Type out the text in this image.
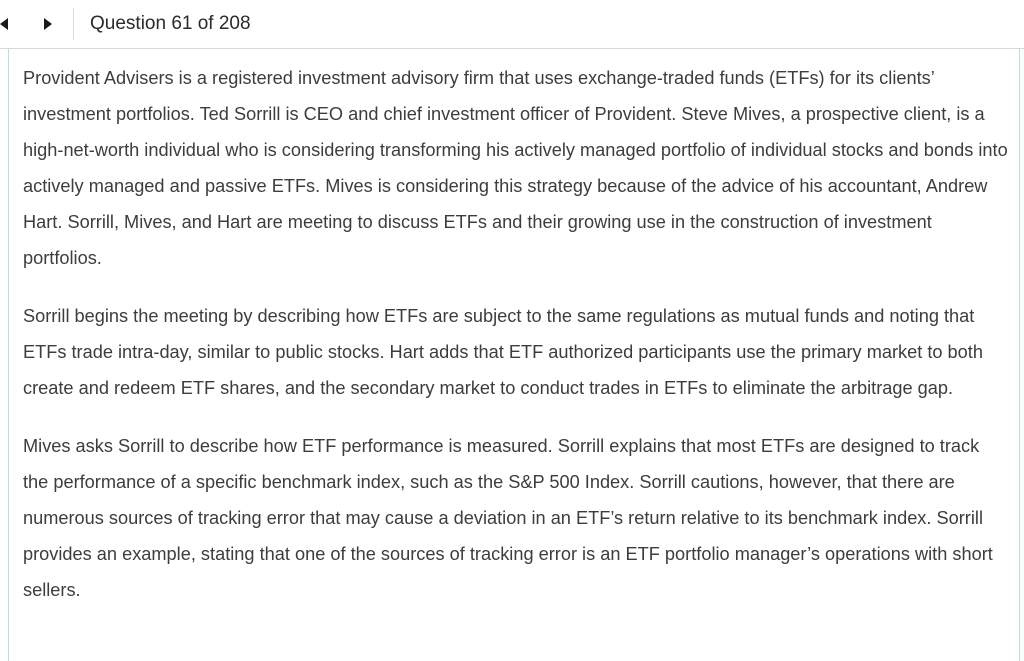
Question 61 of 208

Provident Advisers is a registered investment advisory firm that uses exchange-traded funds (ETFs) for its clients’ investment portfolios. Ted Sorrill is CEO and chief investment officer of Provident. Steve Mives, a prospective client, is a high-net-worth individual who is considering transforming his actively managed portfolio of individual stocks and bonds into actively managed and passive ETFs. Mives is considering this strategy because of the advice of his accountant, Andrew Hart. Sorrill, Mives, and Hart are meeting to discuss ETFs and their growing use in the construction of investment portfolios.

Sorrill begins the meeting by describing how ETFs are subject to the same regulations as mutual funds and noting that ETFs trade intra-day, similar to public stocks. Hart adds that ETF authorized participants use the primary market to both create and redeem ETF shares, and the secondary market to conduct trades in ETFs to eliminate the arbitrage gap.

Mives asks Sorrill to describe how ETF performance is measured. Sorrill explains that most ETFs are designed to track the performance of a specific benchmark index, such as the S&P 500 Index. Sorrill cautions, however, that there are numerous sources of tracking error that may cause a deviation in an ETF’s return relative to its benchmark index. Sorrill provides an example, stating that one of the sources of tracking error is an ETF portfolio manager’s operations with short sellers.
